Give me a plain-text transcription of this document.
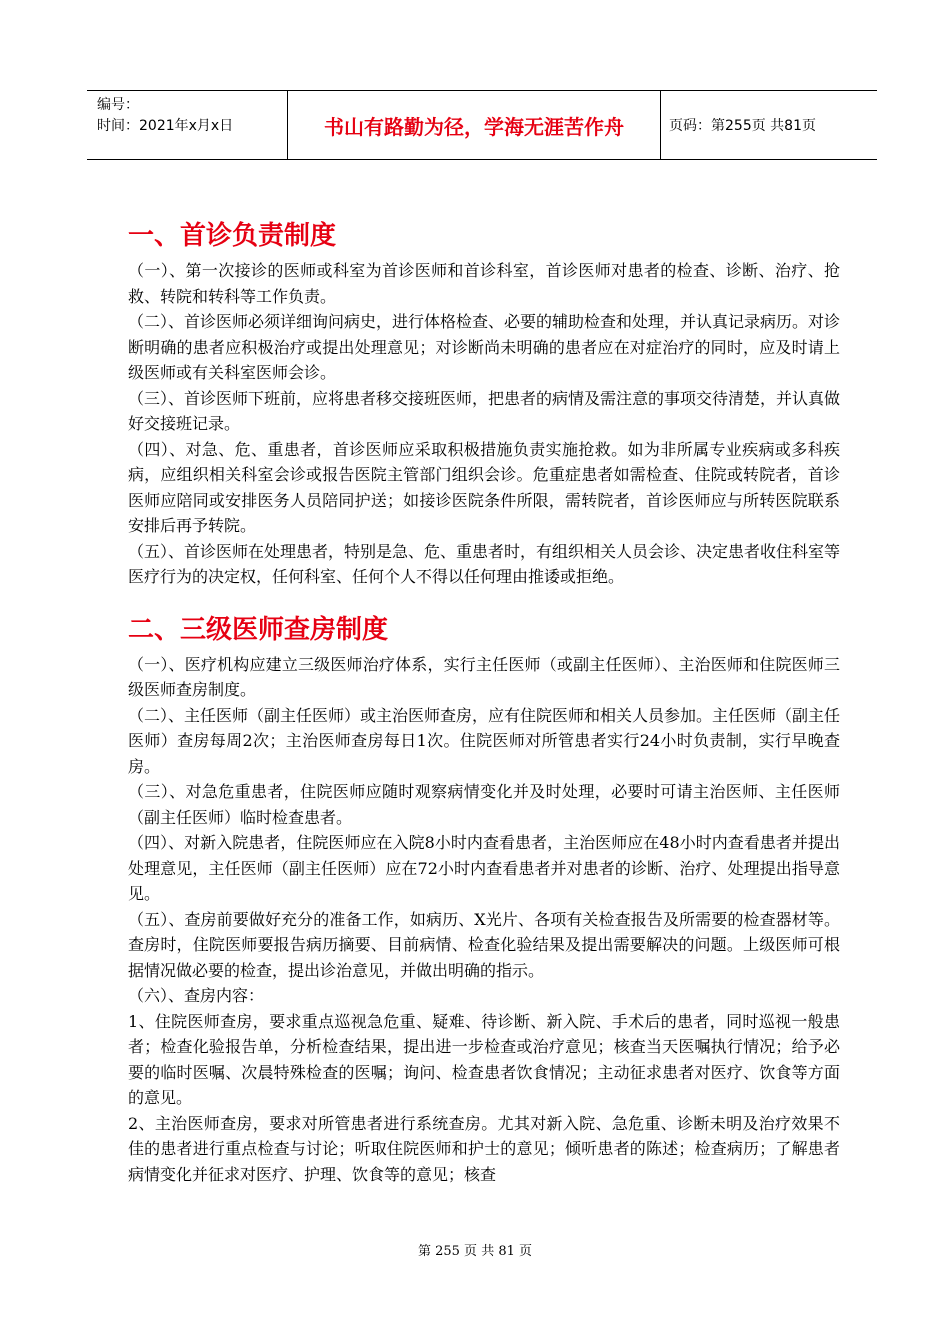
编号：
时间：2021年x月x日	书山有路勤为径，学海无涯苦作舟	页码：第255页 共81页
一、首诊负责制度

（一）、第一次接诊的医师或科室为首诊医师和首诊科室，首诊医师对患者的检查、诊断、治疗、抢救、转院和转科等工作负责。

（二）、首诊医师必须详细询问病史，进行体格检查、必要的辅助检查和处理，并认真记录病历。对诊断明确的患者应积极治疗或提出处理意见；对诊断尚未明确的患者应在对症治疗的同时，应及时请上级医师或有关科室医师会诊。

（三）、首诊医师下班前，应将患者移交接班医师，把患者的病情及需注意的事项交待清楚，并认真做好交接班记录。

（四）、对急、危、重患者，首诊医师应采取积极措施负责实施抢救。如为非所属专业疾病或多科疾病，应组织相关科室会诊或报告医院主管部门组织会诊。危重症患者如需检查、住院或转院者，首诊医师应陪同或安排医务人员陪同护送；如接诊医院条件所限，需转院者，首诊医师应与所转医院联系安排后再予转院。

（五）、首诊医师在处理患者，特别是急、危、重患者时，有组织相关人员会诊、决定患者收住科室等医疗行为的决定权，任何科室、任何个人不得以任何理由推诿或拒绝。

二、三级医师查房制度

（一）、医疗机构应建立三级医师治疗体系，实行主任医师（或副主任医师）、主治医师和住院医师三级医师查房制度。

（二）、主任医师（副主任医师）或主治医师查房，应有住院医师和相关人员参加。主任医师（副主任医师）查房每周2次；主治医师查房每日1次。住院医师对所管患者实行24小时负责制，实行早晚查房。

（三）、对急危重患者，住院医师应随时观察病情变化并及时处理，必要时可请主治医师、主任医师（副主任医师）临时检查患者。

（四）、对新入院患者，住院医师应在入院8小时内查看患者，主治医师应在48小时内查看患者并提出处理意见，主任医师（副主任医师）应在72小时内查看患者并对患者的诊断、治疗、处理提出指导意见。

（五）、查房前要做好充分的准备工作，如病历、X光片、各项有关检查报告及所需要的检查器材等。查房时，住院医师要报告病历摘要、目前病情、检查化验结果及提出需要解决的问题。上级医师可根据情况做必要的检查，提出诊治意见，并做出明确的指示。

（六）、查房内容：

1、住院医师查房，要求重点巡视急危重、疑难、待诊断、新入院、手术后的患者，同时巡视一般患者；检查化验报告单，分析检查结果，提出进一步检查或治疗意见；核查当天医嘱执行情况；给予必要的临时医嘱、次晨特殊检查的医嘱；询问、检查患者饮食情况；主动征求患者对医疗、饮食等方面的意见。

2、主治医师查房，要求对所管患者进行系统查房。尤其对新入院、急危重、诊断未明及治疗效果不佳的患者进行重点检查与讨论；听取住院医师和护士的意见；倾听患者的陈述；检查病历；了解患者病情变化并征求对医疗、护理、饮食等的意见；核查

第 255 页 共 81 页
